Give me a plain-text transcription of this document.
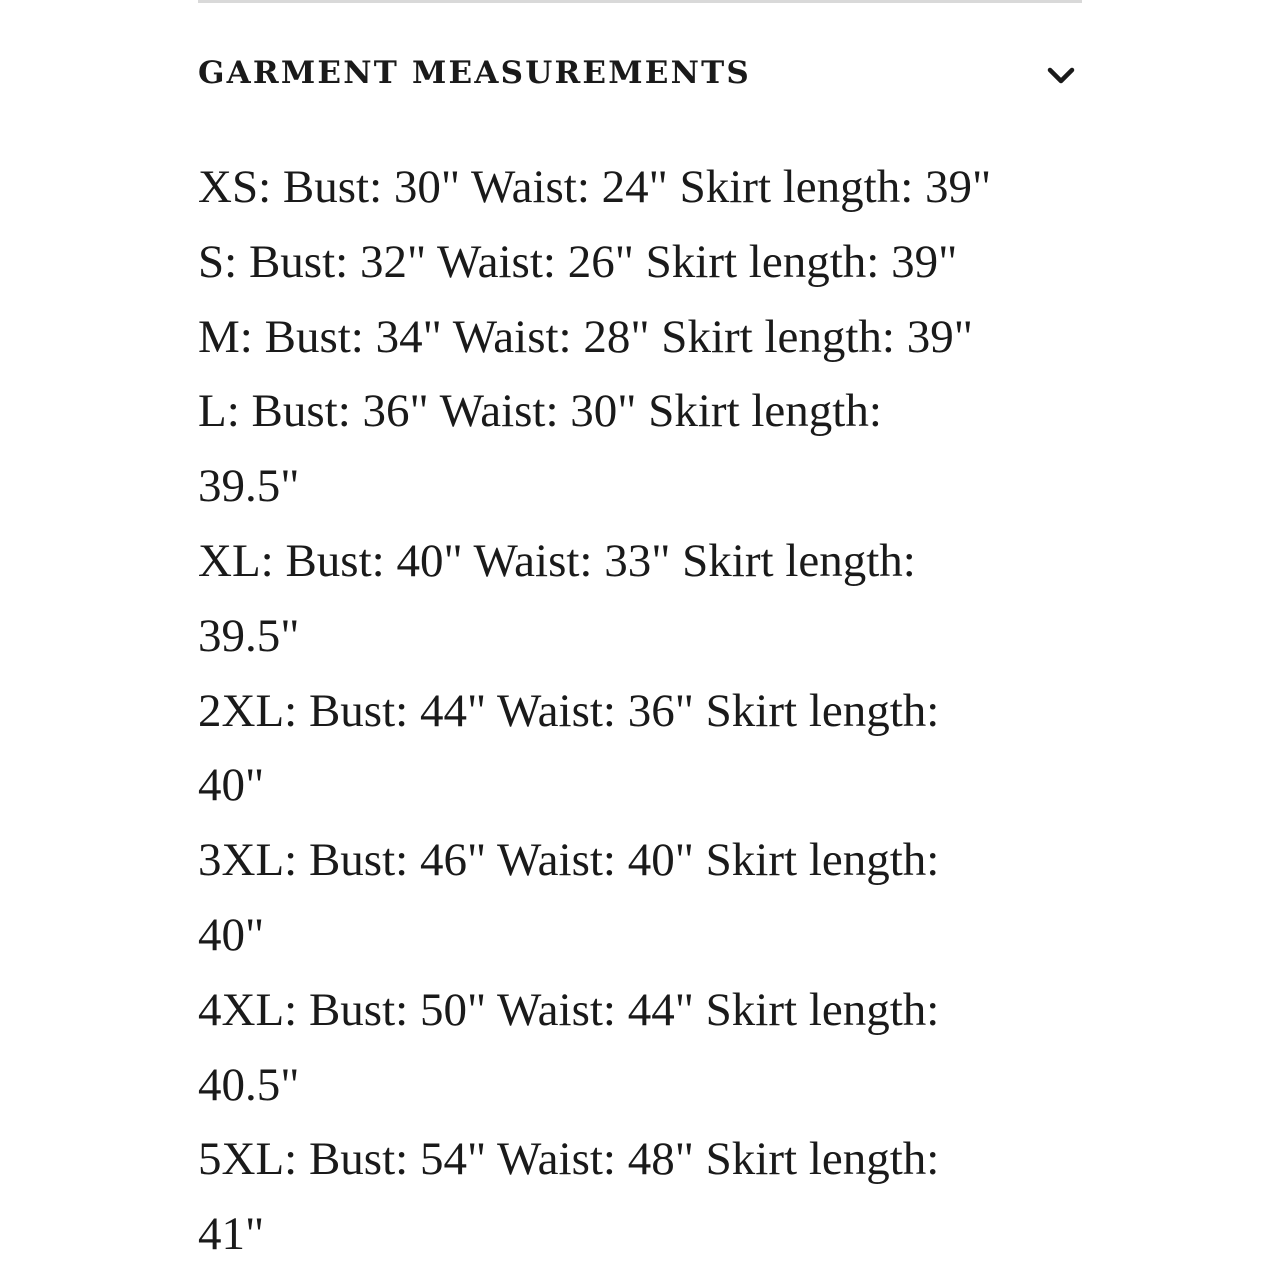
GARMENT MEASUREMENTS
XS: Bust: 30" Waist: 24" Skirt length: 39"
S: Bust: 32" Waist: 26" Skirt length: 39"
M: Bust: 34" Waist: 28" Skirt length: 39"
L: Bust: 36" Waist: 30" Skirt length:
39.5"
XL: Bust: 40" Waist: 33" Skirt length:
39.5"
2XL: Bust: 44" Waist: 36" Skirt length:
40"
3XL: Bust: 46" Waist: 40" Skirt length:
40"
4XL: Bust: 50" Waist: 44" Skirt length:
40.5"
5XL: Bust: 54" Waist: 48" Skirt length:
41"
